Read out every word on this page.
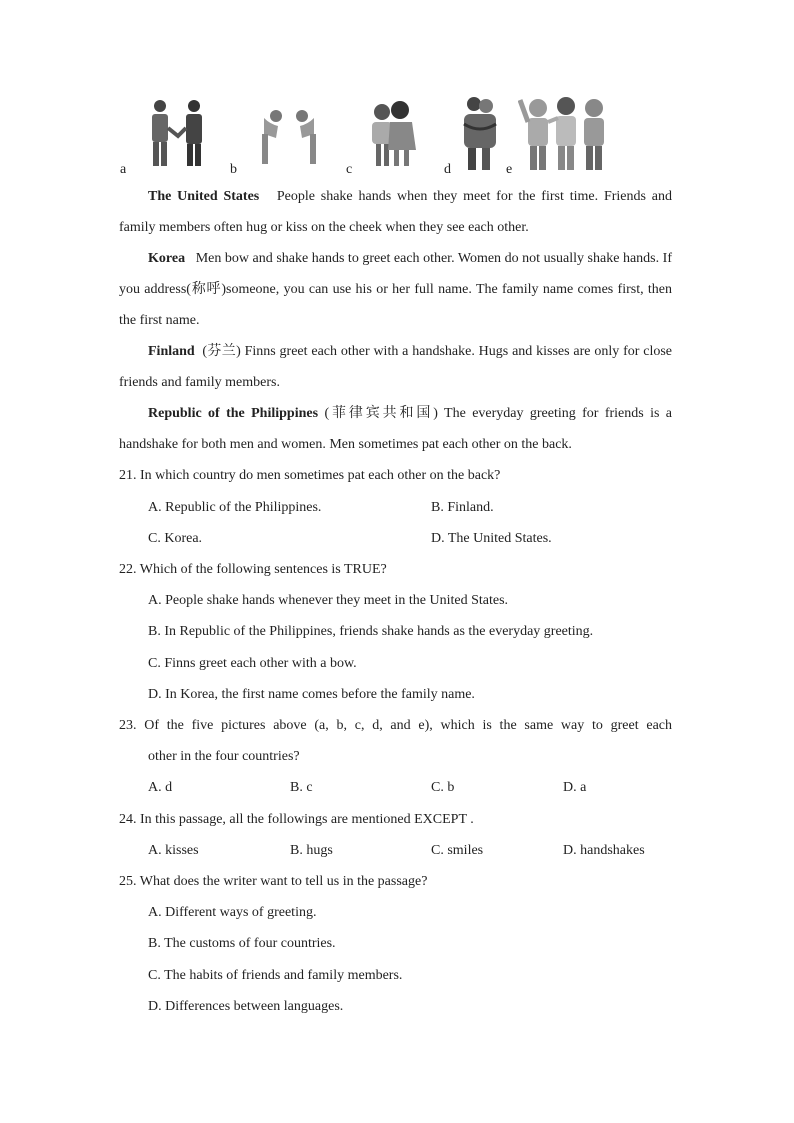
a	b	c	d	e
The United States People shake hands when they meet for the first time. Friends and family members often hug or kiss on the cheek when they see each other.
Korea Men bow and shake hands to greet each other. Women do not usually shake hands. If you address(称呼)someone, you can use his or her full name. The family name comes first, then the first name.
Finland (芬兰) Finns greet each other with a handshake. Hugs and kisses are only for close friends and family members.
Republic of the Philippines (菲律宾共和国) The everyday greeting for friends is a handshake for both men and women. Men sometimes pat each other on the back.
21. In which country do men sometimes pat each other on the back?
A. Republic of the Philippines.	B. Finland.
C. Korea.	D. The United States.
22. Which of the following sentences is TRUE?
A. People shake hands whenever they meet in the United States.
B. In Republic of the Philippines, friends shake hands as the everyday greeting.
C. Finns greet each other with a bow.
D. In Korea, the first name comes before the family name.
23. Of the five pictures above (a, b, c, d, and e), which is the same way to greet each
other in the four countries?
A. d	B. c	C. b	D. a
24. In this passage, all the followings are mentioned EXCEPT .
A. kisses	B. hugs	C. smiles	D. handshakes
25. What does the writer want to tell us in the passage?
A. Different ways of greeting.
B. The customs of four countries.
C. The habits of friends and family members.
D. Differences between languages.
